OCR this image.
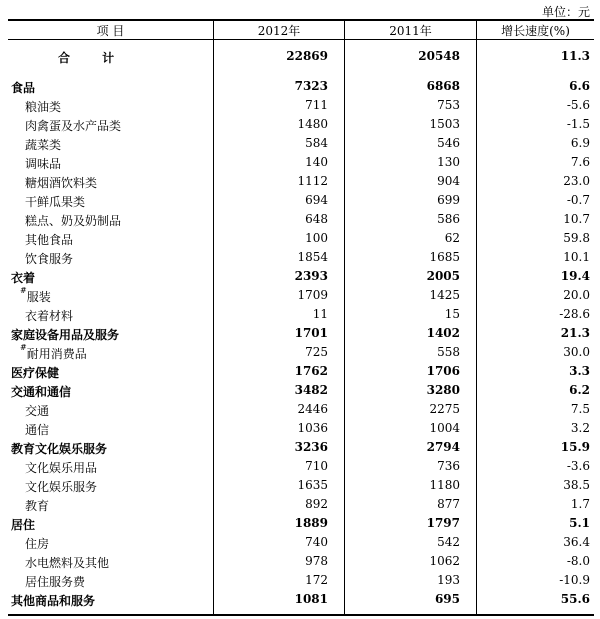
单位：元
项 目	2012年	2011年	增长速度(%)
合 计	22869	20548	11.3
食品	7323	6868	6.6
粮油类	711	753	-5.6
肉禽蛋及水产品类	1480	1503	-1.5
蔬菜类	584	546	6.9
调味品	140	130	7.6
糖烟酒饮料类	1112	904	23.0
干鲜瓜果类	694	699	-0.7
糕点、奶及奶制品	648	586	10.7
其他食品	100	62	59.8
饮食服务	1854	1685	10.1
衣着	2393	2005	19.4
#服装	1709	1425	20.0
衣着材料	11	15	-28.6
家庭设备用品及服务	1701	1402	21.3
#耐用消费品	725	558	30.0
医疗保健	1762	1706	3.3
交通和通信	3482	3280	6.2
交通	2446	2275	7.5
通信	1036	1004	3.2
教育文化娱乐服务	3236	2794	15.9
文化娱乐用品	710	736	-3.6
文化娱乐服务	1635	1180	38.5
教育	892	877	1.7
居住	1889	1797	5.1
住房	740	542	36.4
水电燃料及其他	978	1062	-8.0
居住服务费	172	193	-10.9
其他商品和服务	1081	695	55.6
